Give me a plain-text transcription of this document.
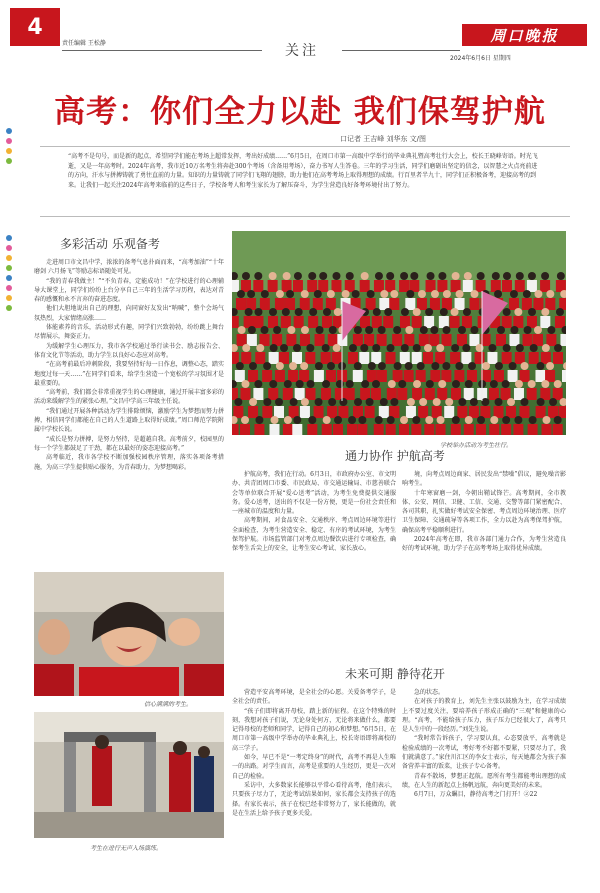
4
责任编辑 王松静	关注
周口晚报
2024年6月6日 星期四
高考：你们全力以赴 我们保驾护航
口记者 王吉峰 刘华东 文/图
“高考不是句号，而是新的起点，希望同学们能在考场上超常发挥，考出好成绩……”6月5日，在周口市第一高级中学举行的毕业典礼暨高考壮行大会上，校长王晓峰寄语。时光飞逝，又是一年高考时。2024年高考，我市近10万名考生将奔赴300个考场（含备用考场），奋力书写人生答卷。三年的学习生活，同学们磨砺出坚定的信念，以智慧之火点亮前进的方向，汗水与拼搏铸就了勇往直前的力量。知识的力量铸就了同学们飞翔的翅膀，助力他们在高考考场上取得理想的成绩。行百里者半九十，同学们正积极备考，迎接高考的到来。让我们一起关注2024年高考来临前的这些日子，学校备考人和考生家长为了解压奋斗，为学生营造良好备考环境付出了努力。
多彩活动 乐观备考

走进周口市文昌中学，浓浓的备考气息扑面而来，“高考加油”“十年磨剑 六月扬飞”等励志标语随处可见。

“我的青春我做主！”“不负青春，定能成功！”在学校进行的心理辅导大课堂上，同学们纷纷上台分享自己三年的生活学习历程，表达对青春的感慨和永不言弃的奋进态度。

他们大胆地说出自己的理想，向同窗好友发出“呐喊”，整个会场气氛热烈，大家情绪高涨……

体能素养的音乐，活动形式有趣，同学们兴致勃勃，纷纷跳上舞台尽情展示，舞姿正力。

为缓解学生心理压力，我市各学校通过举行读书会、励志报告会、体育文化节等活动，助力学生以良好心态应对高考。

“在高考前最后冲刺阶段，我要坚持好每一日作息，调整心态，踏实地度过每一天……”在同学们看来，给学生营造一个宽松的学习氛围才是最重要的。

“高考前，我们都会非常重视学生的心理健康，通过开展丰富多彩的活动来缓解学生的紧张心理。”文昌中学高三年级主任说。

“我们通过开展各种活动为学生排除烦恼，激励学生为梦想而努力拼搏，相信同学们都能在自己的人生道路上取得好成绩。”周口师范学院附属中学校长说。

“成长是努力拼搏，是努力坚持，是超越自我。高考前夕，校园里的每一个学生都鼓足了干劲，都在以最好的姿态迎接高考。”

高考临近，我市各学校不断加强校园秩序管理，落实各项备考措施，为高三学生提供贴心服务，为青春助力，为梦想喝彩。

学校举办活动为考生壮行。
信心满满的考生。
考生在进行无声入场演练。
通力协作 护航高考

护航高考，我们在行动。6月3日，市政府办公室、市文明办、共青团周口市委、市民政局、市交通运输局、市慈善联合会等单位联合开展“爱心送考”活动，为考生免费提供交通服务。爱心送考，送出的不仅是一份方便，更是一份社会责任和一座城市的温度和力量。

高考期间，对食品安全、交通秩序、考点周边环境等进行全面检查，为考生营造安全、稳定、有序的考试环境，为考生保驾护航。市场监管部门对考点周边餐饮店进行专项检查，确保考生舌尖上的安全，让考生安心考试、家长放心。

境，向考点周边商家、居民发出“禁噪”倡议，避免噪音影响考生。

十年寒窗磨一剑，今朝出鞘试锋芒。高考期间，全市教体、公安、网信、卫健、工信、交通、交警等部门紧密配合、各司其职，扎实做好考试安全保密、考点周边环境治理、医疗卫生保障、交通疏导等各项工作，全力以赴为高考保驾护航，确保高考平稳顺利进行。

2024年高考在即，我市各部门通力合作，为考生营造良好的考试环境，助力学子在高考考场上取得优异成绩。

未来可期 静待花开

营造平安高考环境，是全社会的心愿。关爱备考学子，是全社会的责任。

“孩子们即将离开母校，踏上新的征程。在这个特殊的时刻，我想对孩子们说，无论身处何方，无论将来做什么，都要记得母校的老师和同学，记得自己的初心和梦想。”6月5日，在周口市第一高级中学举办的毕业典礼上，校长寄语即将离校的高三学子。

如今，早已不是“一考定终身”的时代，高考不再是人生唯一的出路。对学生而言，高考是重要的人生经历，更是一次对自己的检验。

采访中，大多数家长能够以平常心看待高考，他们表示，只要孩子尽力了，无论考试结果如何，家长都会支持孩子的选择。有家长表示，孩子在校已经非常努力了，家长能做的，就是在生活上给予孩子更多关爱。

急的状态。

在对孩子的教育上，刘先生主张以鼓励为主，在学习成绩上不要过度关注，要培养孩子形成正确的“三观”和健康的心理。“高考，不能给孩子压力，孩子压力已经很大了，高考只是人生中的一段经历。”刘先生说。

“我时常告诉孩子，学习要认真，心态要放平，高考就是检验成绩的一次考试，考好考不好都不要紧，只要尽力了，我们就满意了。”家住川汇区的李女士表示，每天她都会为孩子准备营养丰富的饭菜，让孩子专心备考。

青春不散场，梦想正起航。愿所有考生都能考出理想的成绩，在人生的新起点上扬帆远航，奔向更美好的未来。

6月7日，万众瞩目，静待高考之门打开！②22
